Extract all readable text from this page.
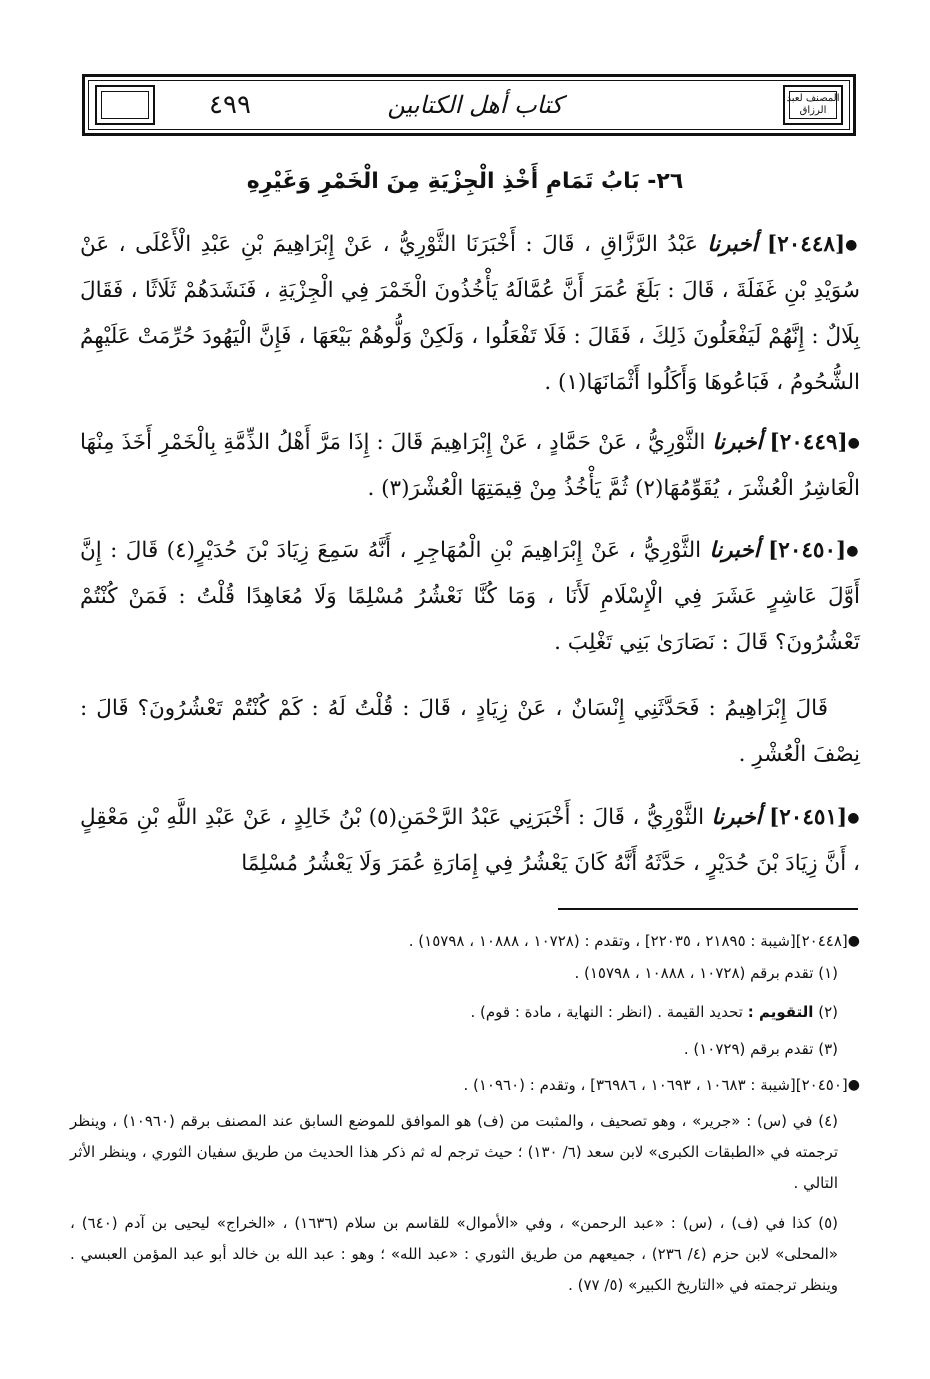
٤٩٩	كتاب أهل الكتابين	المصنف لعبد الرزاق
٢٦- بَابُ تَمَامِ أَخْذِ الْجِزْيَةِ مِنَ الْخَمْرِ وَغَيْرِهِ
●[٢٠٤٤٨] أخبرنا عَبْدُ الرَّزَّاقِ ، قَالَ : أَخْبَرَنَا الثَّوْرِيُّ ، عَنْ إِبْرَاهِيمَ بْنِ عَبْدِ الْأَعْلَى ، عَنْ سُوَيْدِ بْنِ غَفَلَةَ ، قَالَ : بَلَغَ عُمَرَ أَنَّ عُمَّالَهُ يَأْخُذُونَ الْخَمْرَ فِي الْجِزْيَةِ ، فَنَشَدَهُمْ ثَلَاثًا ، فَقَالَ بِلَالٌ : إِنَّهُمْ لَيَفْعَلُونَ ذَلِكَ ، فَقَالَ : فَلَا تَفْعَلُوا ، وَلَكِنْ وَلُّوهُمْ بَيْعَهَا ، فَإِنَّ الْيَهُودَ حُرِّمَتْ عَلَيْهِمُ الشُّحُومُ ، فَبَاعُوهَا وَأَكَلُوا أَثْمَانَهَا(١) .
●[٢٠٤٤٩] أخبرنا الثَّوْرِيُّ ، عَنْ حَمَّادٍ ، عَنْ إِبْرَاهِيمَ قَالَ : إِذَا مَرَّ أَهْلُ الذِّمَّةِ بِالْخَمْرِ أَخَذَ مِنْهَا الْعَاشِرُ الْعُشْرَ ، يُقَوِّمُهَا(٢) ثُمَّ يَأْخُذُ مِنْ قِيمَتِهَا الْعُشْرَ(٣) .
●[٢٠٤٥٠] أخبرنا الثَّوْرِيُّ ، عَنْ إِبْرَاهِيمَ بْنِ الْمُهَاجِرِ ، أَنَّهُ سَمِعَ زِيَادَ بْنَ حُدَيْرٍ(٤) قَالَ : إِنَّ أَوَّلَ عَاشِرٍ عَشَرَ فِي الْإِسْلَامِ لَأَنَا ، وَمَا كُنَّا نَعْشُرُ مُسْلِمًا وَلَا مُعَاهِدًا قُلْتُ : فَمَنْ كُنْتُمْ تَعْشُرُونَ؟ قَالَ : نَصَارَىٰ بَنِي تَغْلِبَ .
قَالَ إِبْرَاهِيمُ : فَحَدَّثَنِي إِنْسَانٌ ، عَنْ زِيَادٍ ، قَالَ : قُلْتُ لَهُ : كَمْ كُنْتُمْ تَعْشُرُونَ؟ قَالَ : نِصْفَ الْعُشْرِ .
●[٢٠٤٥١] أخبرنا الثَّوْرِيُّ ، قَالَ : أَخْبَرَنِي عَبْدُ الرَّحْمَنِ(٥) بْنُ خَالِدٍ ، عَنْ عَبْدِ اللَّهِ بْنِ مَعْقِلٍ ، أَنَّ زِيَادَ بْنَ حُدَيْرٍ ، حَدَّثَهُ أَنَّهُ كَانَ يَعْشُرُ فِي إِمَارَةِ عُمَرَ وَلَا يَعْشُرُ مُسْلِمًا
●[٢٠٤٤٨][شيبة : ٢١٨٩٥ ، ٢٢٠٣٥] ، وتقدم : (١٠٧٢٨ ، ١٠٨٨٨ ، ١٥٧٩٨) .
(١) تقدم برقم (١٠٧٢٨ ، ١٠٨٨٨ ، ١٥٧٩٨) .
(٢) التقويم : تحديد القيمة . (انظر : النهاية ، مادة : قوم) .
(٣) تقدم برقم (١٠٧٢٩) .
●[٢٠٤٥٠][شيبة : ١٠٦٨٣ ، ١٠٦٩٣ ، ٣٦٩٨٦] ، وتقدم : (١٠٩٦٠) .
(٤) في (س) : «جرير» ، وهو تصحيف ، والمثبت من (ف) هو الموافق للموضع السابق عند المصنف برقم (١٠٩٦٠) ، وينظر ترجمته في «الطبقات الكبرى» لابن سعد (٦/ ١٣٠) ؛ حيث ترجم له ثم ذكر هذا الحديث من طريق سفيان الثوري ، وينظر الأثر التالي .
(٥) كذا في (ف) ، (س) : «عبد الرحمن» ، وفي «الأموال» للقاسم بن سلام (١٦٣٦) ، «الخراج» ليحيى بن آدم (٦٤٠) ، «المحلى» لابن حزم (٤/ ٢٣٦) ، جميعهم من طريق الثوري : «عبد الله» ؛ وهو : عبد الله بن خالد أبو عبد المؤمن العبسي . وينظر ترجمته في «التاريخ الكبير» (٥/ ٧٧) .
